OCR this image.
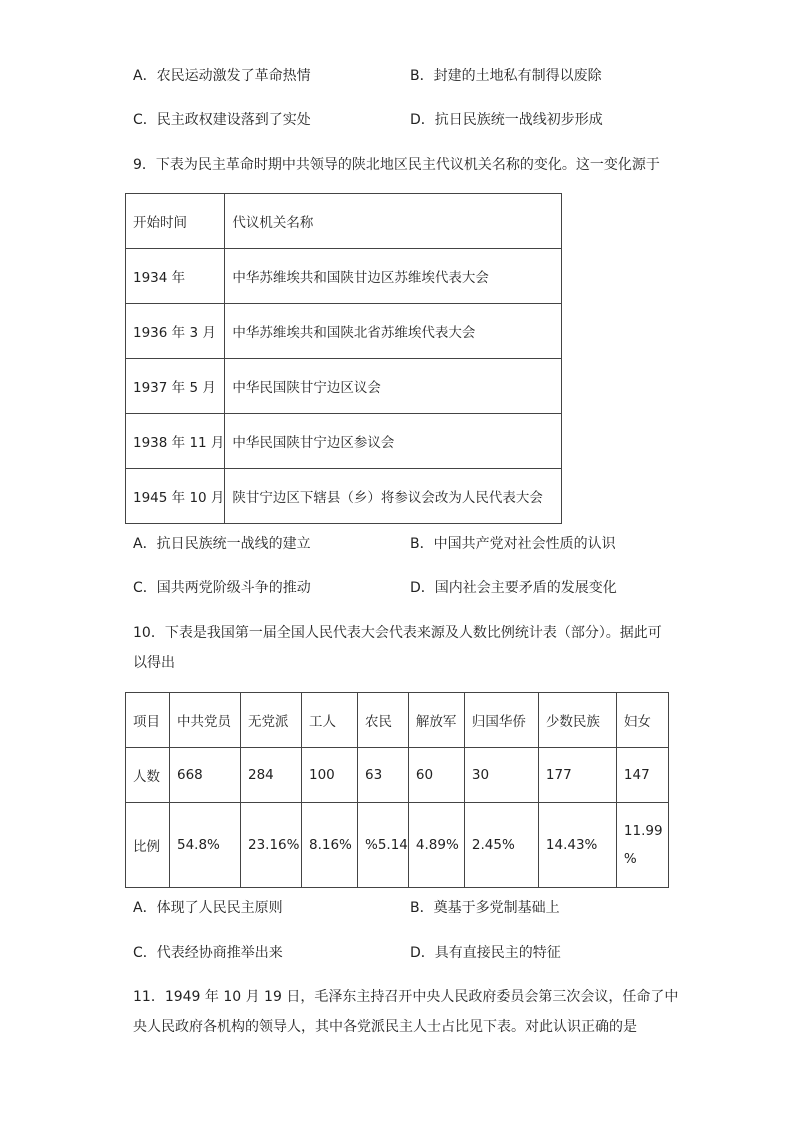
A．农民运动激发了革命热情	B．封建的土地私有制得以废除
C．民主政权建设落到了实处	D．抗日民族统一战线初步形成
9．下表为民主革命时期中共领导的陕北地区民主代议机关名称的变化。这一变化源于
开始时间	代议机关名称
1934 年	中华苏维埃共和国陕甘边区苏维埃代表大会
1936 年 3 月	中华苏维埃共和国陕北省苏维埃代表大会
1937 年 5 月	中华民国陕甘宁边区议会
1938 年 11 月	中华民国陕甘宁边区参议会
1945 年 10 月	陕甘宁边区下辖县（乡）将参议会改为人民代表大会
A．抗日民族统一战线的建立	B．中国共产党对社会性质的认识
C．国共两党阶级斗争的推动	D．国内社会主要矛盾的发展变化
10．下表是我国第一届全国人民代表大会代表来源及人数比例统计表（部分）。据此可
以得出
项目	中共党员	无党派	工人	农民	解放军	归国华侨	少数民族	妇女
人数	668	284	100	63	60	30	177	147
比例	54.8%	23.16%	8.16%	%5.14	4.89%	2.45%	14.43%	11.99 %
A．体现了人民民主原则	B．奠基于多党制基础上
C．代表经协商推举出来	D．具有直接民主的特征
11．1949 年 10 月 19 日，毛泽东主持召开中央人民政府委员会第三次会议，任命了中
央人民政府各机构的领导人，其中各党派民主人士占比见下表。对此认识正确的是
